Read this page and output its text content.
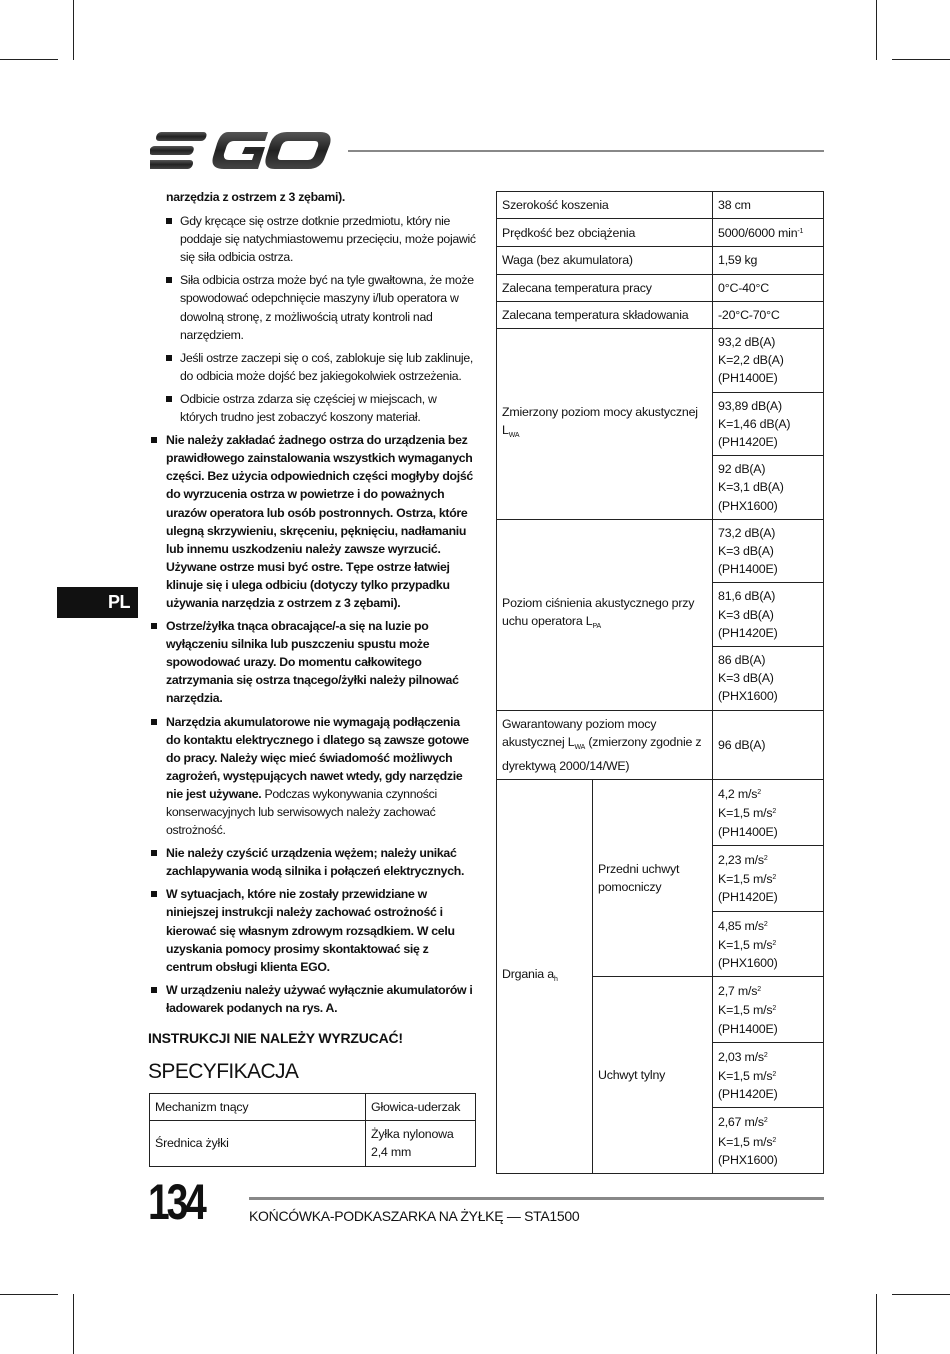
PL

narzędzia z ostrzem z 3 zębami).

Gdy kręcące się ostrze dotknie przedmiotu, który nie poddaje się natychmiastowemu przecięciu, może pojawić się siła odbicia ostrza.
Siła odbicia ostrza może być na tyle gwałtowna, że może spowodować odepchnięcie maszyny i/lub operatora w dowolną stronę, z możliwością utraty kontroli nad narzędziem.
Jeśli ostrze zaczepi się o coś, zablokuje się lub zaklinuje, do odbicia może dojść bez jakiegokolwiek ostrzeżenia.
Odbicie ostrza zdarza się częściej w miejscach, w których trudno jest zobaczyć koszony materiał.
Nie należy zakładać żadnego ostrza do urządzenia bez prawidłowego zainstalowania wszystkich wymaganych części. Bez użycia odpowiednich części mogłyby dojść do wyrzucenia ostrza w powietrze i do poważnych urazów operatora lub osób postronnych. Ostrza, które ulegną skrzywieniu, skręceniu, pęknięciu, nadłamaniu lub innemu uszkodzeniu należy zawsze wyrzucić. Używane ostrze musi być ostre. Tępe ostrze łatwiej klinuje się i ulega odbiciu (dotyczy tylko przypadku używania narzędzia z ostrzem z 3 zębami).
Ostrze/żyłka tnąca obracające/-a się na luzie po wyłączeniu silnika lub puszczeniu spustu może spowodować urazy. Do momentu całkowitego zatrzymania się ostrza tnącego/żyłki należy pilnować narzędzia.
Narzędzia akumulatorowe nie wymagają podłączenia do kontaktu elektrycznego i dlatego są zawsze gotowe do pracy. Należy więc mieć świadomość możliwych zagrożeń, występujących nawet wtedy, gdy narzędzie nie jest używane. Podczas wykonywania czynności konserwacyjnych lub serwisowych należy zachować ostrożność.
Nie należy czyścić urządzenia wężem; należy unikać zachlapywania wodą silnika i połączeń elektrycznych.
W sytuacjach, które nie zostały przewidziane w niniejszej instrukcji należy zachować ostrożność i kierować się własnym zdrowym rozsądkiem. W celu uzyskania pomocy prosimy skontaktować się z centrum obsługi klienta EGO.
W urządzeniu należy używać wyłącznie akumulatorów i ładowarek podanych na rys. A.

INSTRUKCJI NIE NALEŻY WYRZUCAĆ!

SPECYFIKACJA

Mechanizm tnący	Głowica-uderzak
Średnica żyłki	Żyłka nylonowa
2,4 mm
Szerokość koszenia		38 cm
Prędkość bez obciążenia		5000/6000 $\min^{-1}$
Waga (bez akumulatora)		1,59 kg
Zalecana temperatura pracy		0°C-40°C
Zalecana temperatura składowania		-20°C-70°C
Zmierzony poziom mocy akustycznej $L_{WA}$		93,2 dB(A)
K=2,2 dB(A)
(PH1400E)
		93,89 dB(A)
K=1,46 dB(A)
(PH1420E)
		92 dB(A)
K=3,1 dB(A)
(PHX1600)
Poziom ciśnienia akustycznego przy uchu operatora $L_{PA}$		73,2 dB(A)
K=3 dB(A)
(PH1400E)
		81,6 dB(A)
K=3 dB(A)
(PH1420E)
		86 dB(A)
K=3 dB(A)
(PHX1600)
Gwarantowany poziom mocy akustycznej $L_{WA}$ (zmierzony zgodnie z dyrektywą 2000/14/WE)		96 dB(A)
Drgania $a_h$	Przedni uchwyt pomocniczy	4,2 $m/s^2$
K=1,5 $m/s^2$
(PH1400E)
		2,23 $m/s^2$
K=1,5 $m/s^2$
(PH1420E)
		4,85 $m/s^2$
K=1,5 $m/s^2$
(PHX1600)
	Uchwyt tylny	2,7 $m/s^2$
K=1,5 $m/s^2$
(PH1400E)
		2,03 $m/s^2$
K=1,5 $m/s^2$
(PH1420E)
		2,67 $m/s^2$
K=1,5 $m/s^2$
(PHX1600)
134	KOŃCÓWKA-PODKASZARKA NA ŻYŁKĘ — STA1500
